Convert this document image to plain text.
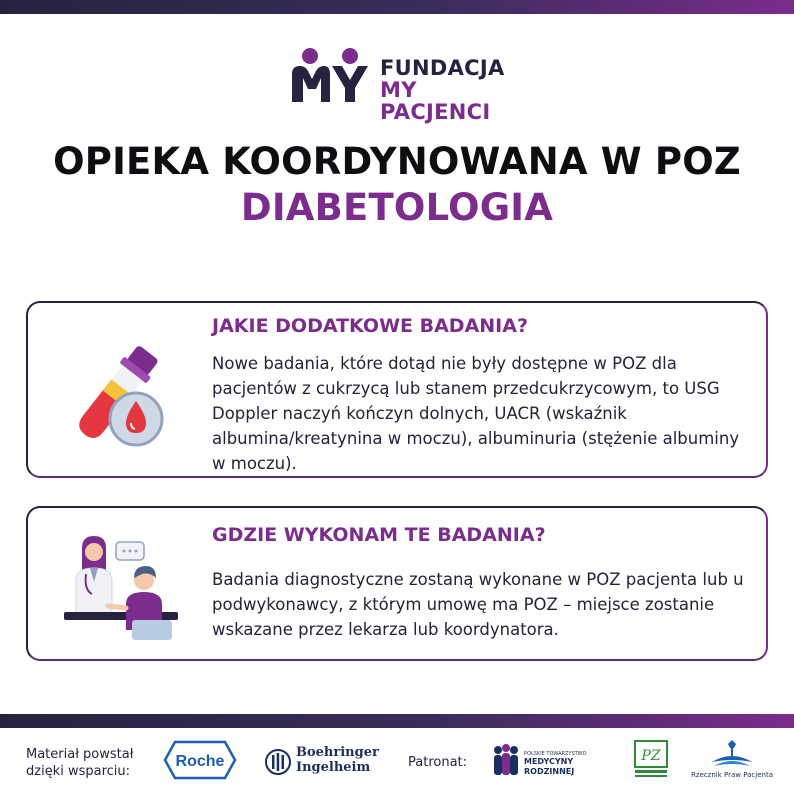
FUNDACJA
MY PACJENCI
OPIEKA KOORDYNOWANA W POZ
DIABETOLOGIA
JAKIE DODATKOWE BADANIA?
Nowe badania, które dotąd nie były dostępne w POZ dla pacjentów z cukrzycą lub stanem przedcukrzycowym, to USG Doppler naczyń kończyn dolnych, UACR (wskaźnik albumina/kreatynina w moczu), albuminuria (stężenie albuminy w moczu).
GDZIE WYKONAM TE BADANIA?
Badania diagnostyczne zostaną wykonane w POZ pacjenta lub u podwykonawcy, z którym umowę ma POZ – miejsce zostanie wskazane przez lekarza lub koordynatora.
Materiał powstał
dzięki wsparciu:
Roche
Boehringer
Ingelheim	Patronat:
POLSKIE TOWARZYSTWO
MEDYCYNY RODZINNEJ
PZ
Rzecznik Praw Pacjenta
